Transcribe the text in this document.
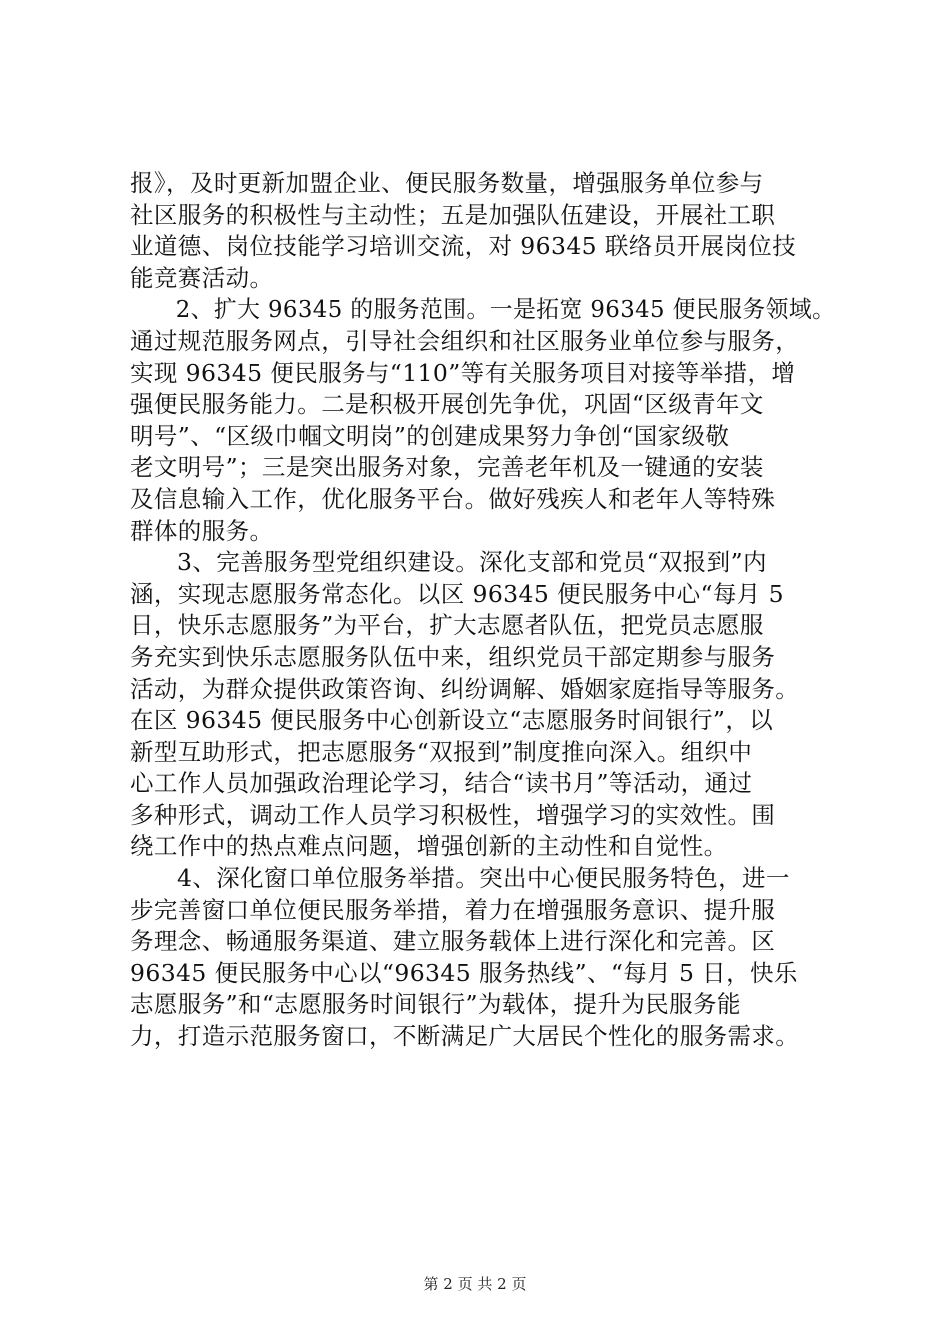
报》，及时更新加盟企业、便民服务数量，增强服务单位参与
社区服务的积极性与主动性；五是加强队伍建设，开展社工职
业道德、岗位技能学习培训交流，对 96345 联络员开展岗位技
能竞赛活动。
2、扩大 96345 的服务范围。一是拓宽 96345 便民服务领域。
通过规范服务网点，引导社会组织和社区服务业单位参与服务，
实现 96345 便民服务与“110”等有关服务项目对接等举措，增
强便民服务能力。二是积极开展创先争优，巩固“区级青年文
明号”、“区级巾帼文明岗”的创建成果努力争创“国家级敬
老文明号”；三是突出服务对象，完善老年机及一键通的安装
及信息输入工作，优化服务平台。做好残疾人和老年人等特殊
群体的服务。
3、完善服务型党组织建设。深化支部和党员“双报到”内
涵，实现志愿服务常态化。以区 96345 便民服务中心“每月 5
日，快乐志愿服务”为平台，扩大志愿者队伍，把党员志愿服
务充实到快乐志愿服务队伍中来，组织党员干部定期参与服务
活动，为群众提供政策咨询、纠纷调解、婚姻家庭指导等服务。
在区 96345 便民服务中心创新设立“志愿服务时间银行”，以
新型互助形式，把志愿服务“双报到”制度推向深入。组织中
心工作人员加强政治理论学习，结合“读书月”等活动，通过
多种形式，调动工作人员学习积极性，增强学习的实效性。围
绕工作中的热点难点问题，增强创新的主动性和自觉性。
4、深化窗口单位服务举措。突出中心便民服务特色，进一
步完善窗口单位便民服务举措，着力在增强服务意识、提升服
务理念、畅通服务渠道、建立服务载体上进行深化和完善。区
96345 便民服务中心以“96345 服务热线”、“每月 5 日，快乐
志愿服务”和“志愿服务时间银行”为载体，提升为民服务能
力，打造示范服务窗口，不断满足广大居民个性化的服务需求。
第 2 页 共 2 页
